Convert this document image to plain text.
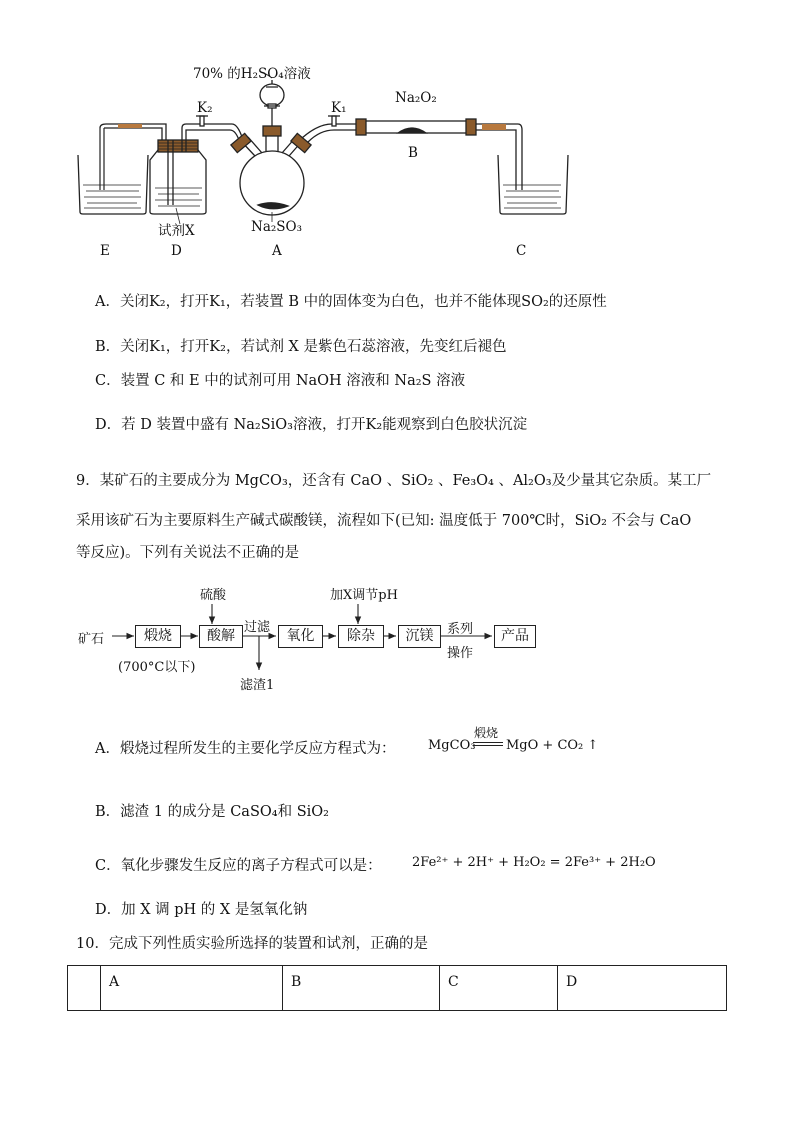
70% 的H₂SO₄溶液
K₂	K₁
Na₂O₂
B
试剂X	Na₂SO₃
E	D	A	C
A．关闭K₂，打开K₁，若装置 B 中的固体变为白色，也并不能体现SO₂的还原性
B．关闭K₁，打开K₂，若试剂 X 是紫色石蕊溶液，先变红后褪色
C．装置 C 和 E 中的试剂可用 NaOH 溶液和 Na₂S 溶液
D．若 D 装置中盛有 Na₂SiO₃溶液，打开K₂能观察到白色胶状沉淀
9．某矿石的主要成分为 MgCO₃，还含有 CaO 、SiO₂ 、Fe₃O₄ 、Al₂O₃及少量其它杂质。某工厂
采用该矿石为主要原料生产碱式碳酸镁，流程如下(已知: 温度低于 700℃时，SiO₂ 不会与 CaO
等反应)。下列有关说法不正确的是
矿石	煅烧
(700°C以下)
硫酸
酸解
过滤
滤渣1
氧化
加X调节pH
除杂	沉镁	系列
操作
产品
A．煅烧过程所发生的主要化学反应方程式为：
煅烧
MgCO₃ MgO + CO₂ ↑
B．滤渣 1 的成分是 CaSO₄和 SiO₂
C．氧化步骤发生反应的离子方程式可以是： 2Fe²⁺ + 2H⁺ + H₂O₂ = 2Fe³⁺ + 2H₂O
D．加 X 调 pH 的 X 是氢氧化钠
10．完成下列性质实验所选择的装置和试剂，正确的是
	A	B	C	D
